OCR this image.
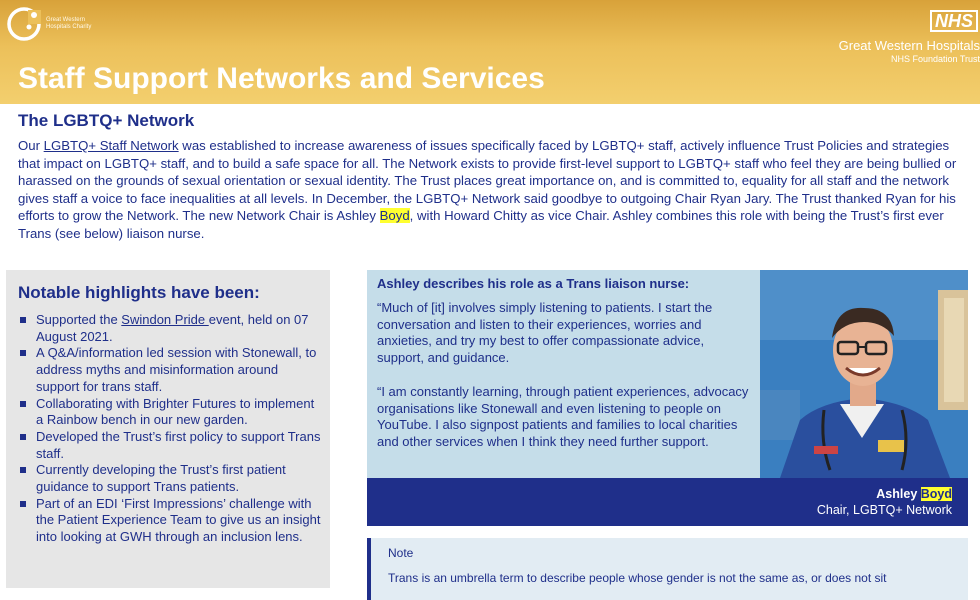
Great Western Hospitals Charity	NHS
Great Western Hospitals
NHS Foundation Trust
Staff Support Networks and Services
The LGBTQ+ Network

Our LGBTQ+ Staff Network was established to increase awareness of issues specifically faced by LGBTQ+ staff, actively influence Trust Policies and strategies that impact on LGBTQ+ staff, and to build a safe space for all. The Network exists to provide first-level support to LGBTQ+ staff who feel they are being bullied or harassed on the grounds of sexual orientation or sexual identity. The Trust places great importance on, and is committed to, equality for all staff and the network gives staff a voice to face inequalities at all levels. In December, the LGBTQ+ Network said goodbye to outgoing Chair Ryan Jary. The Trust thanked Ryan for his efforts to grow the Network. The new Network Chair is Ashley Boyd, with Howard Chitty as vice Chair. Ashley combines this role with being the Trust’s first ever Trans (see below) liaison nurse.

Notable highlights have been:
Supported the Swindon Pride event, held on 07 August 2021.
A Q&A/information led session with Stonewall, to address myths and misinformation around support for trans staff.
Collaborating with Brighter Futures to implement a Rainbow bench in our new garden.
Developed the Trust’s first policy to support Trans staff.
Currently developing the Trust’s first patient guidance to support Trans patients.
Part of an EDI ‘First Impressions’ challenge with the Patient Experience Team to give us an insight into looking at GWH through an inclusion lens.
Ashley describes his role as a Trans liaison nurse:

“Much of [it] involves simply listening to patients. I start the conversation and listen to their experiences, worries and anxieties, and try my best to offer compassionate advice, support, and guidance.

“I am constantly learning, through patient experiences, advocacy organisations like Stonewall and even listening to people on YouTube. I also signpost patients and families to local charities and other services when I think they need further support.

Ashley Boyd
Chair, LGBTQ+ Network
Note
Trans is an umbrella term to describe people whose gender is not the same as, or does not sit
